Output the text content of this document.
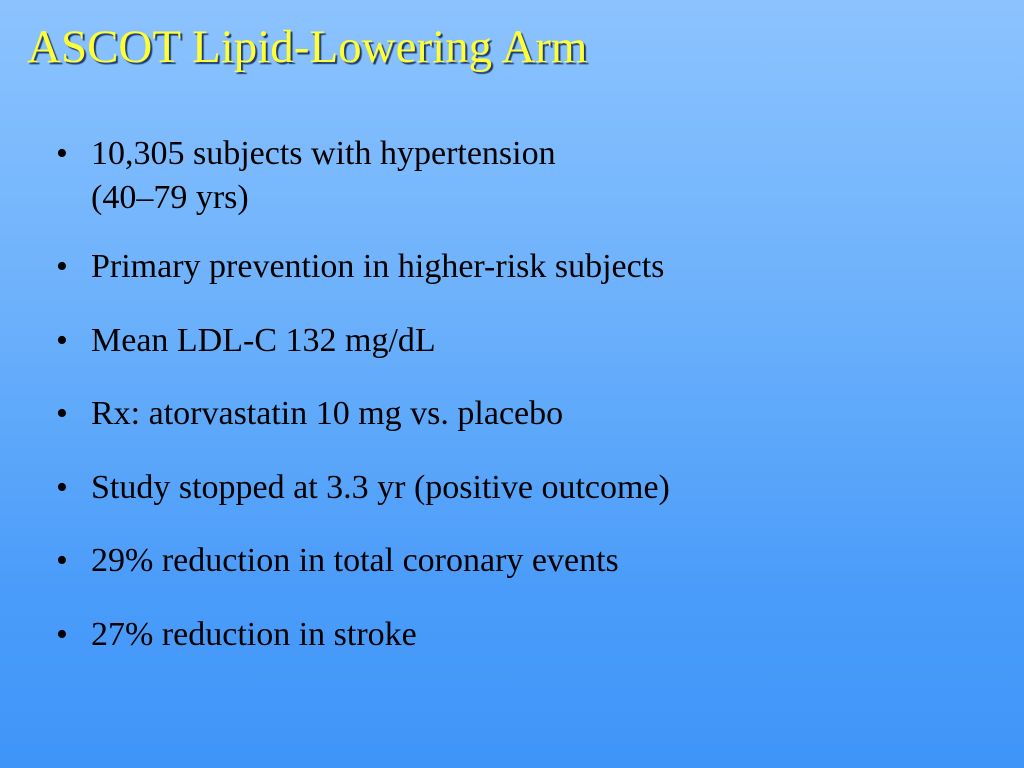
ASCOT Lipid-Lowering Arm
• 10,305 subjects with hypertension
(40–79 yrs)
• Primary prevention in higher-risk subjects
• Mean LDL-C 132 mg/dL
• Rx: atorvastatin 10 mg vs. placebo
• Study stopped at 3.3 yr (positive outcome)
• 29% reduction in total coronary events
• 27% reduction in stroke
